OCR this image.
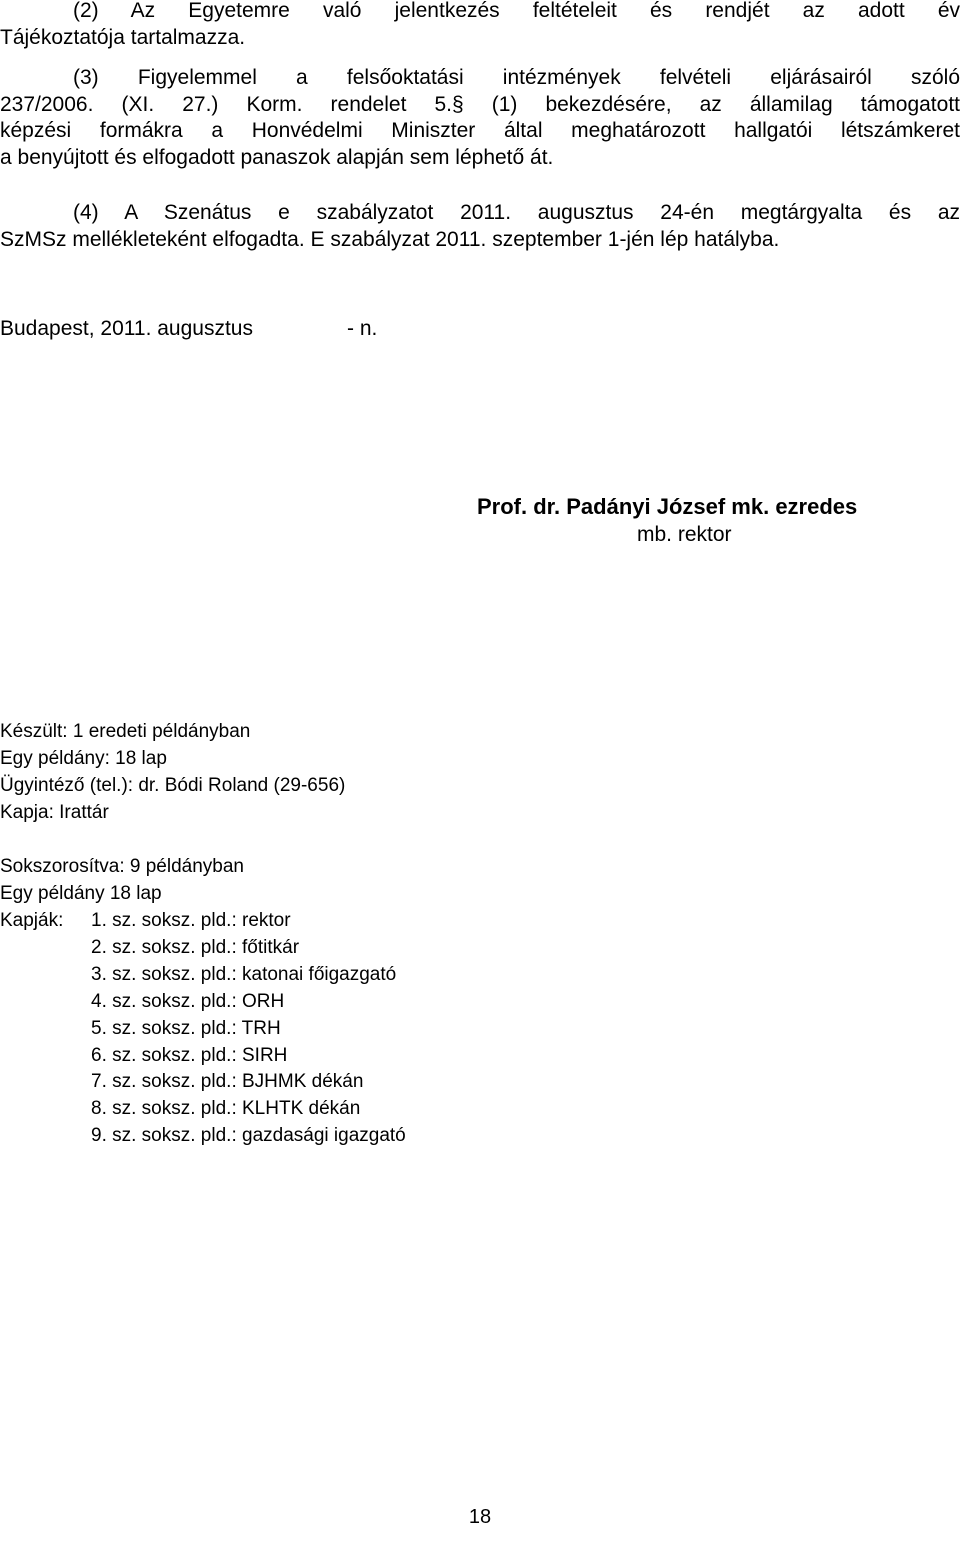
(2) Az Egyetemre való jelentkezés feltételeit és rendjét az adott év
Tájékoztatója tartalmazza.
(3) Figyelemmel a felsőoktatási intézmények felvételi eljárásairól szóló
237/2006. (XI. 27.) Korm. rendelet 5.§ (1) bekezdésére, az államilag támogatott
képzési formákra a Honvédelmi Miniszter által meghatározott hallgatói létszámkeret
a benyújtott és elfogadott panaszok alapján sem léphető át.
(4) A Szenátus e szabályzatot 2011. augusztus 24-én megtárgyalta és az
SzMSz mellékleteként elfogadta. E szabályzat 2011. szeptember 1-jén lép hatályba.
Budapest, 2011. augusztus	- n.
Prof. dr. Padányi József mk. ezredes
mb. rektor
Készült: 1 eredeti példányban
Egy példány: 18 lap
Ügyintéző (tel.): dr. Bódi Roland (29-656)
Kapja: Irattár
Sokszorosítva: 9 példányban
Egy példány 18 lap
Kapják: 1. sz. soksz. pld.: rektor
2. sz. soksz. pld.: főtitkár
3. sz. soksz. pld.: katonai főigazgató
4. sz. soksz. pld.: ORH
5. sz. soksz. pld.: TRH
6. sz. soksz. pld.: SIRH
7. sz. soksz. pld.: BJHMK dékán
8. sz. soksz. pld.: KLHTK dékán
9. sz. soksz. pld.: gazdasági igazgató
18
